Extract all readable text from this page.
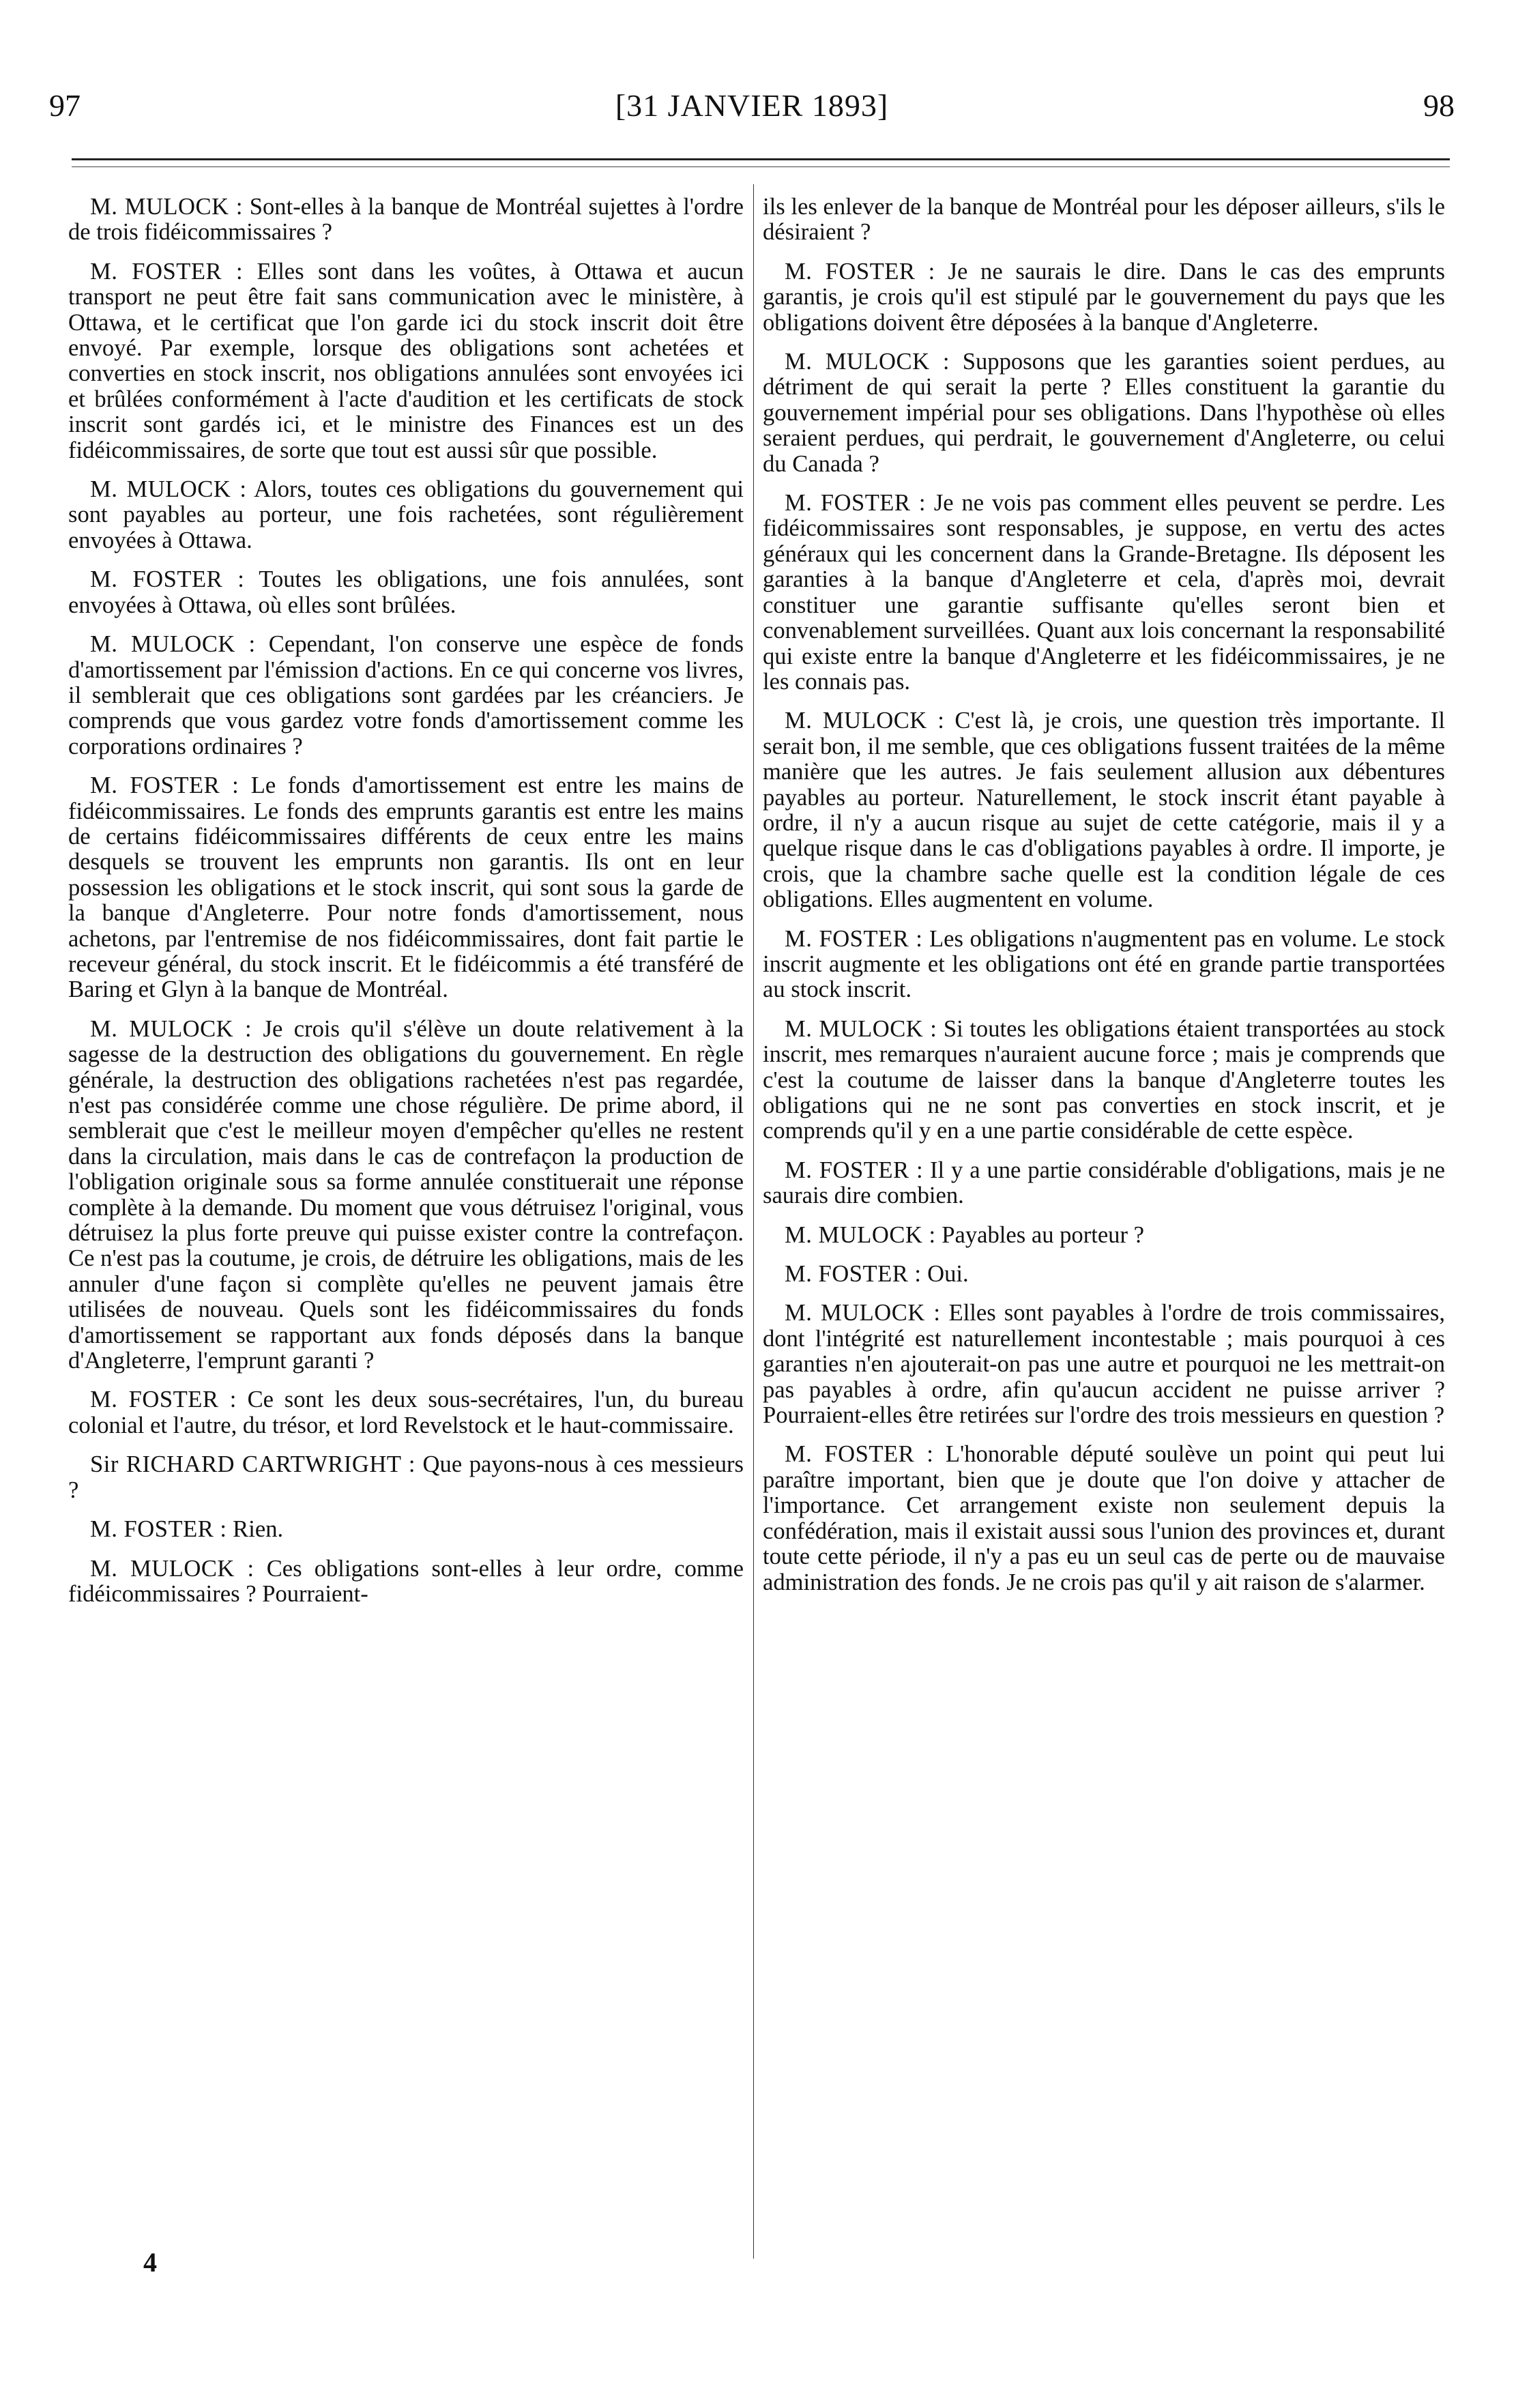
97	[31 JANVIER 1893]	98

M. MULOCK : Sont-elles à la banque de Montréal sujettes à l'ordre de trois fidéicommissaires ?

M. FOSTER : Elles sont dans les voûtes, à Ottawa et aucun transport ne peut être fait sans communication avec le ministère, à Ottawa, et le certificat que l'on garde ici du stock inscrit doit être envoyé. Par exemple, lorsque des obligations sont achetées et converties en stock inscrit, nos obligations annulées sont envoyées ici et brûlées conformément à l'acte d'audition et les certificats de stock inscrit sont gardés ici, et le ministre des Finances est un des fidéicommissaires, de sorte que tout est aussi sûr que possible.

M. MULOCK : Alors, toutes ces obligations du gouvernement qui sont payables au porteur, une fois rachetées, sont régulièrement envoyées à Ottawa.

M. FOSTER : Toutes les obligations, une fois annulées, sont envoyées à Ottawa, où elles sont brûlées.

M. MULOCK : Cependant, l'on conserve une espèce de fonds d'amortissement par l'émission d'actions. En ce qui concerne vos livres, il semblerait que ces obligations sont gardées par les créanciers. Je comprends que vous gardez votre fonds d'amortissement comme les corporations ordinaires ?

M. FOSTER : Le fonds d'amortissement est entre les mains de fidéicommissaires. Le fonds des emprunts garantis est entre les mains de certains fidéicommissaires différents de ceux entre les mains desquels se trouvent les emprunts non garantis. Ils ont en leur possession les obligations et le stock inscrit, qui sont sous la garde de la banque d'Angleterre. Pour notre fonds d'amortissement, nous achetons, par l'entremise de nos fidéicommissaires, dont fait partie le receveur général, du stock inscrit. Et le fidéicommis a été transféré de Baring et Glyn à la banque de Montréal.

M. MULOCK : Je crois qu'il s'élève un doute relativement à la sagesse de la destruction des obligations du gouvernement. En règle générale, la destruction des obligations rachetées n'est pas regardée, n'est pas considérée comme une chose régulière. De prime abord, il semblerait que c'est le meilleur moyen d'empêcher qu'elles ne restent dans la circulation, mais dans le cas de contrefaçon la production de l'obligation originale sous sa forme annulée constituerait une réponse complète à la demande. Du moment que vous détruisez l'original, vous détruisez la plus forte preuve qui puisse exister contre la contrefaçon. Ce n'est pas la coutume, je crois, de détruire les obligations, mais de les annuler d'une façon si complète qu'elles ne peuvent jamais être utilisées de nouveau. Quels sont les fidéicommissaires du fonds d'amortissement se rapportant aux fonds déposés dans la banque d'Angleterre, l'emprunt garanti ?

M. FOSTER : Ce sont les deux sous-secrétaires, l'un, du bureau colonial et l'autre, du trésor, et lord Revelstock et le haut-commissaire.

Sir RICHARD CARTWRIGHT : Que payons-nous à ces messieurs ?

M. FOSTER : Rien.

M. MULOCK : Ces obligations sont-elles à leur ordre, comme fidéicommissaires ? Pourraient-

ils les enlever de la banque de Montréal pour les déposer ailleurs, s'ils le désiraient ?

M. FOSTER : Je ne saurais le dire. Dans le cas des emprunts garantis, je crois qu'il est stipulé par le gouvernement du pays que les obligations doivent être déposées à la banque d'Angleterre.

M. MULOCK : Supposons que les garanties soient perdues, au détriment de qui serait la perte ? Elles constituent la garantie du gouvernement impérial pour ses obligations. Dans l'hypothèse où elles seraient perdues, qui perdrait, le gouvernement d'Angleterre, ou celui du Canada ?

M. FOSTER : Je ne vois pas comment elles peuvent se perdre. Les fidéicommissaires sont responsables, je suppose, en vertu des actes généraux qui les concernent dans la Grande-Bretagne. Ils déposent les garanties à la banque d'Angleterre et cela, d'après moi, devrait constituer une garantie suffisante qu'elles seront bien et convenablement surveillées. Quant aux lois concernant la responsabilité qui existe entre la banque d'Angleterre et les fidéicommissaires, je ne les connais pas.

M. MULOCK : C'est là, je crois, une question très importante. Il serait bon, il me semble, que ces obligations fussent traitées de la même manière que les autres. Je fais seulement allusion aux débentures payables au porteur. Naturellement, le stock inscrit étant payable à ordre, il n'y a aucun risque au sujet de cette catégorie, mais il y a quelque risque dans le cas d'obligations payables à ordre. Il importe, je crois, que la chambre sache quelle est la condition légale de ces obligations. Elles augmentent en volume.

M. FOSTER : Les obligations n'augmentent pas en volume. Le stock inscrit augmente et les obligations ont été en grande partie transportées au stock inscrit.

M. MULOCK : Si toutes les obligations étaient transportées au stock inscrit, mes remarques n'auraient aucune force ; mais je comprends que c'est la coutume de laisser dans la banque d'Angleterre toutes les obligations qui ne ne sont pas converties en stock inscrit, et je comprends qu'il y en a une partie considérable de cette espèce.

M. FOSTER : Il y a une partie considérable d'obligations, mais je ne saurais dire combien.

M. MULOCK : Payables au porteur ?

M. FOSTER : Oui.

M. MULOCK : Elles sont payables à l'ordre de trois commissaires, dont l'intégrité est naturellement incontestable ; mais pourquoi à ces garanties n'en ajouterait-on pas une autre et pourquoi ne les mettrait-on pas payables à ordre, afin qu'aucun accident ne puisse arriver ? Pourraient-elles être retirées sur l'ordre des trois messieurs en question ?

M. FOSTER : L'honorable député soulève un point qui peut lui paraître important, bien que je doute que l'on doive y attacher de l'importance. Cet arrangement existe non seulement depuis la confédération, mais il existait aussi sous l'union des provinces et, durant toute cette période, il n'y a pas eu un seul cas de perte ou de mauvaise administration des fonds. Je ne crois pas qu'il y ait raison de s'alarmer.

4
